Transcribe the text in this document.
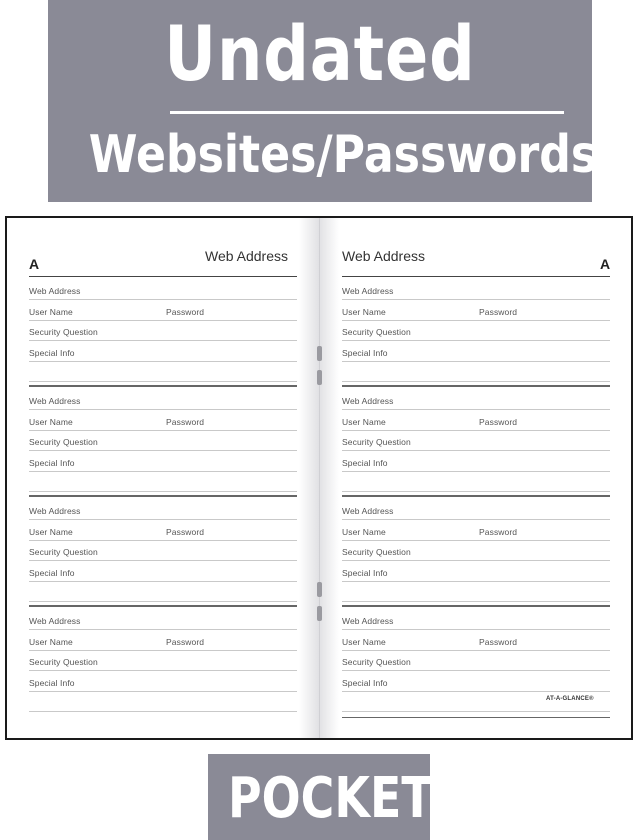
Undated
Websites/Passwords
A	Web Address
Web Address
User Name
Security Question
Special Info
Password
Web Address
User Name
Security Question
Special Info
Password
Web Address
User Name
Security Question
Special Info
Password
Web Address
User Name
Security Question
Special Info
Password
Web Address	A
Web Address
User Name
Security Question
Special Info
Password
Web Address
User Name
Security Question
Special Info
Password
Web Address
User Name
Security Question
Special Info
Password
Web Address
User Name
Security Question
Special Info
Password
AT-A-GLANCE®
POCKET
